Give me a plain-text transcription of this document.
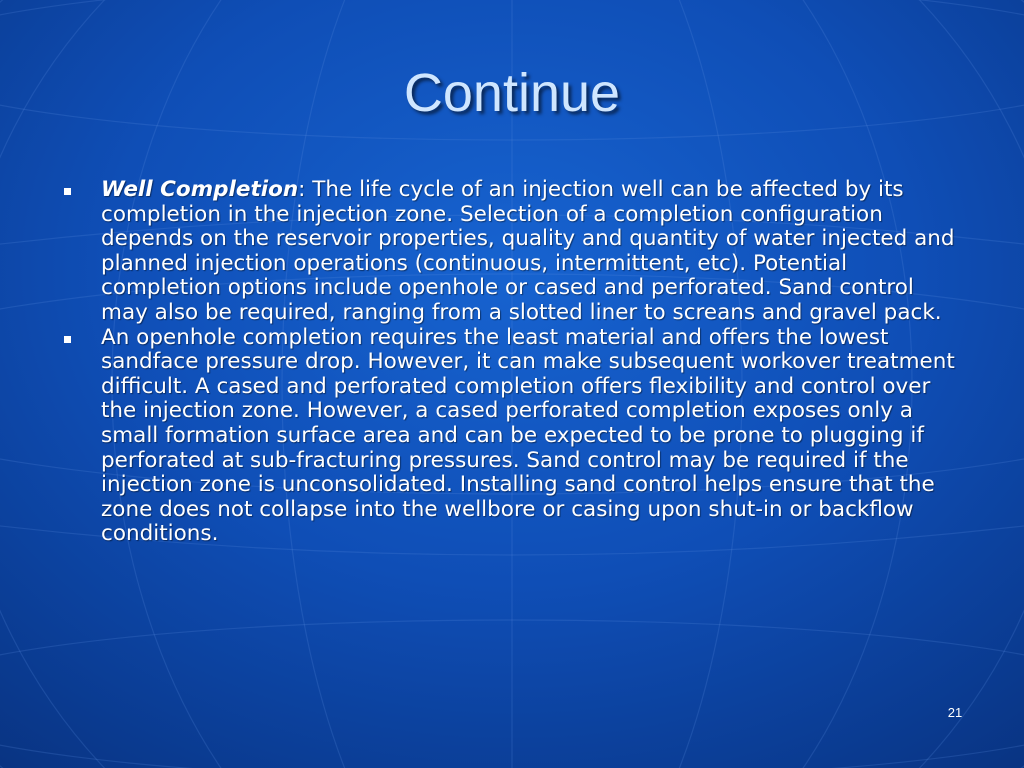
Continue
Well Completion: The life cycle of an injection well can be affected by its completion in the injection zone. Selection of a completion configuration depends on the reservoir properties, quality and quantity of water injected and planned injection operations (continuous, intermittent, etc). Potential completion options include openhole or cased and perforated. Sand control may also be required, ranging from a slotted liner to screans and gravel pack.
An openhole completion requires the least material and offers the lowest sandface pressure drop. However, it can make subsequent workover treatment difficult. A cased and perforated completion offers flexibility and control over the injection zone. However, a cased perforated completion exposes only a small formation surface area and can be expected to be prone to plugging if perforated at sub-fracturing pressures. Sand control may be required if the injection zone is unconsolidated. Installing sand control helps ensure that the zone does not collapse into the wellbore or casing upon shut-in or backflow conditions.
21
